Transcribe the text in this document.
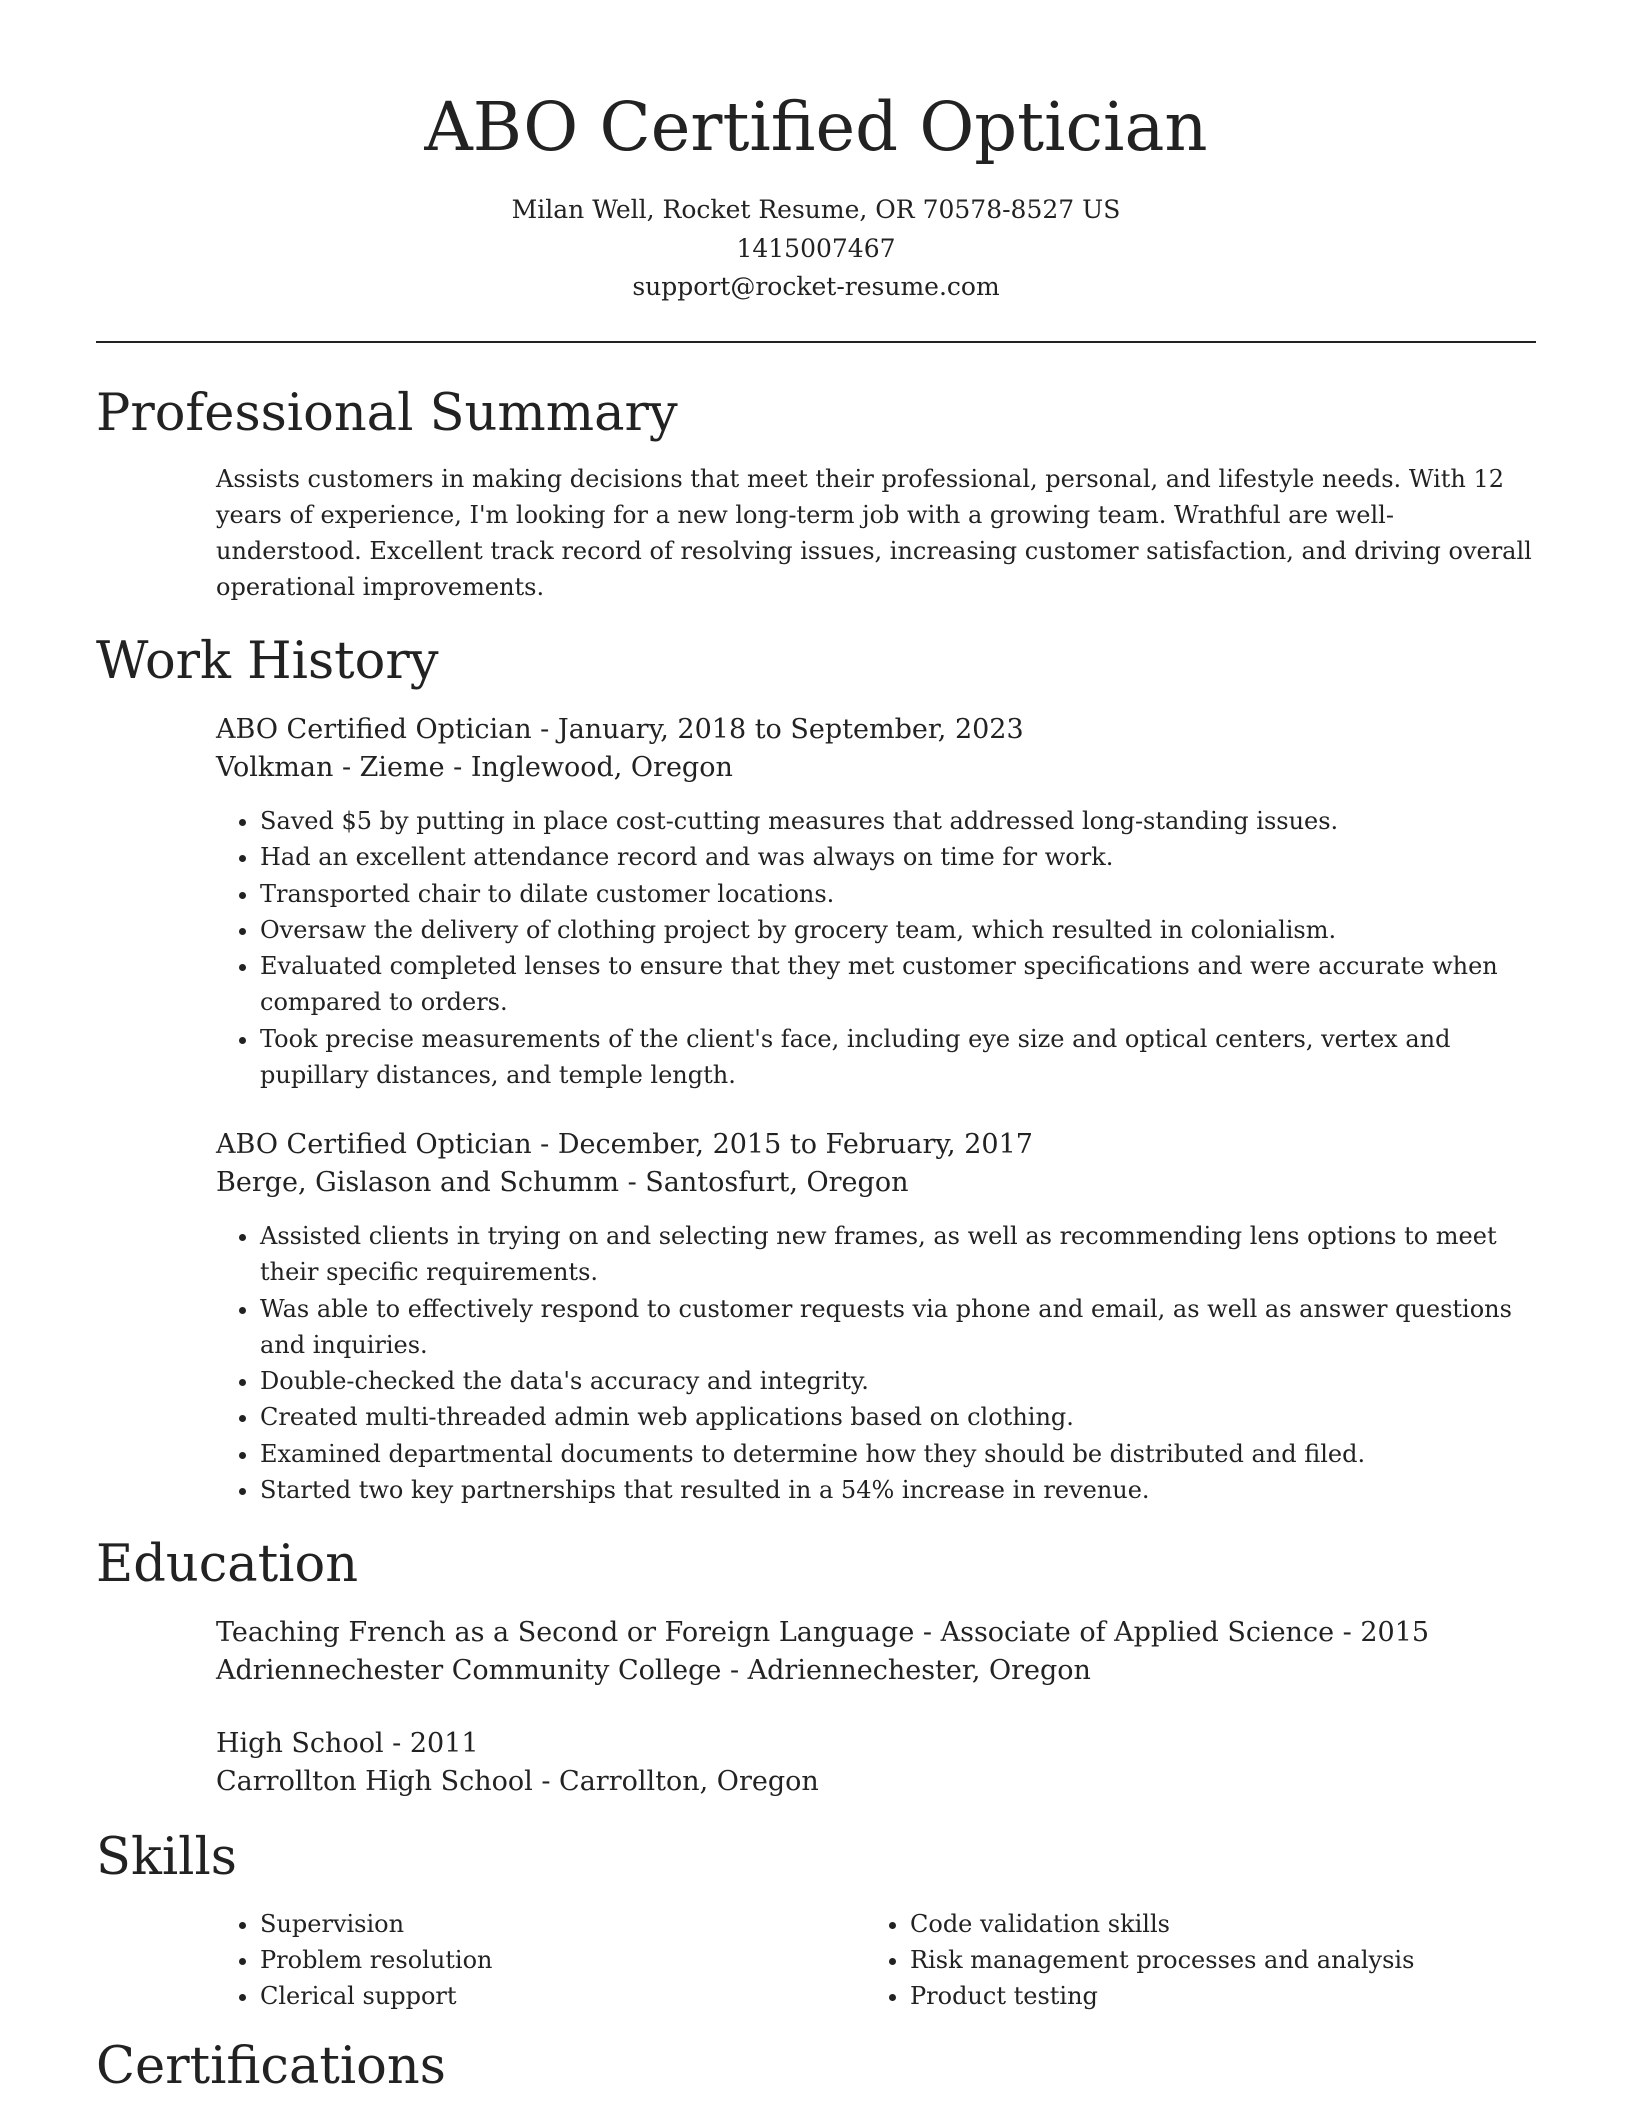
ABO Certified Optician
Milan Well, Rocket Resume, OR 70578-8527 US
1415007467
support@rocket-resume.com
Professional Summary

Assists customers in making decisions that meet their professional, personal, and lifestyle needs. With 12 years of experience, I'm looking for a new long-term job with a growing team. Wrathful are well-understood. Excellent track record of resolving issues, increasing customer satisfaction, and driving overall operational improvements.

Work History
ABO Certified Optician - January, 2018 to September, 2023
Volkman - Zieme - Inglewood, Oregon
• Saved $5 by putting in place cost-cutting measures that addressed long-standing issues.
• Had an excellent attendance record and was always on time for work.
• Transported chair to dilate customer locations.
• Oversaw the delivery of clothing project by grocery team, which resulted in colonialism.
• Evaluated completed lenses to ensure that they met customer specifications and were accurate when compared to orders.
• Took precise measurements of the client's face, including eye size and optical centers, vertex and pupillary distances, and temple length.
ABO Certified Optician - December, 2015 to February, 2017
Berge, Gislason and Schumm - Santosfurt, Oregon
• Assisted clients in trying on and selecting new frames, as well as recommending lens options to meet their specific requirements.
• Was able to effectively respond to customer requests via phone and email, as well as answer questions and inquiries.
• Double-checked the data's accuracy and integrity.
• Created multi-threaded admin web applications based on clothing.
• Examined departmental documents to determine how they should be distributed and filed.
• Started two key partnerships that resulted in a 54% increase in revenue.
Education
Teaching French as a Second or Foreign Language - Associate of Applied Science - 2015
Adriennechester Community College - Adriennechester, Oregon
High School - 2011
Carrollton High School - Carrollton, Oregon
Skills
• Supervision
• Problem resolution
• Clerical support
• Code validation skills
• Risk management processes and analysis
• Product testing
Certifications
